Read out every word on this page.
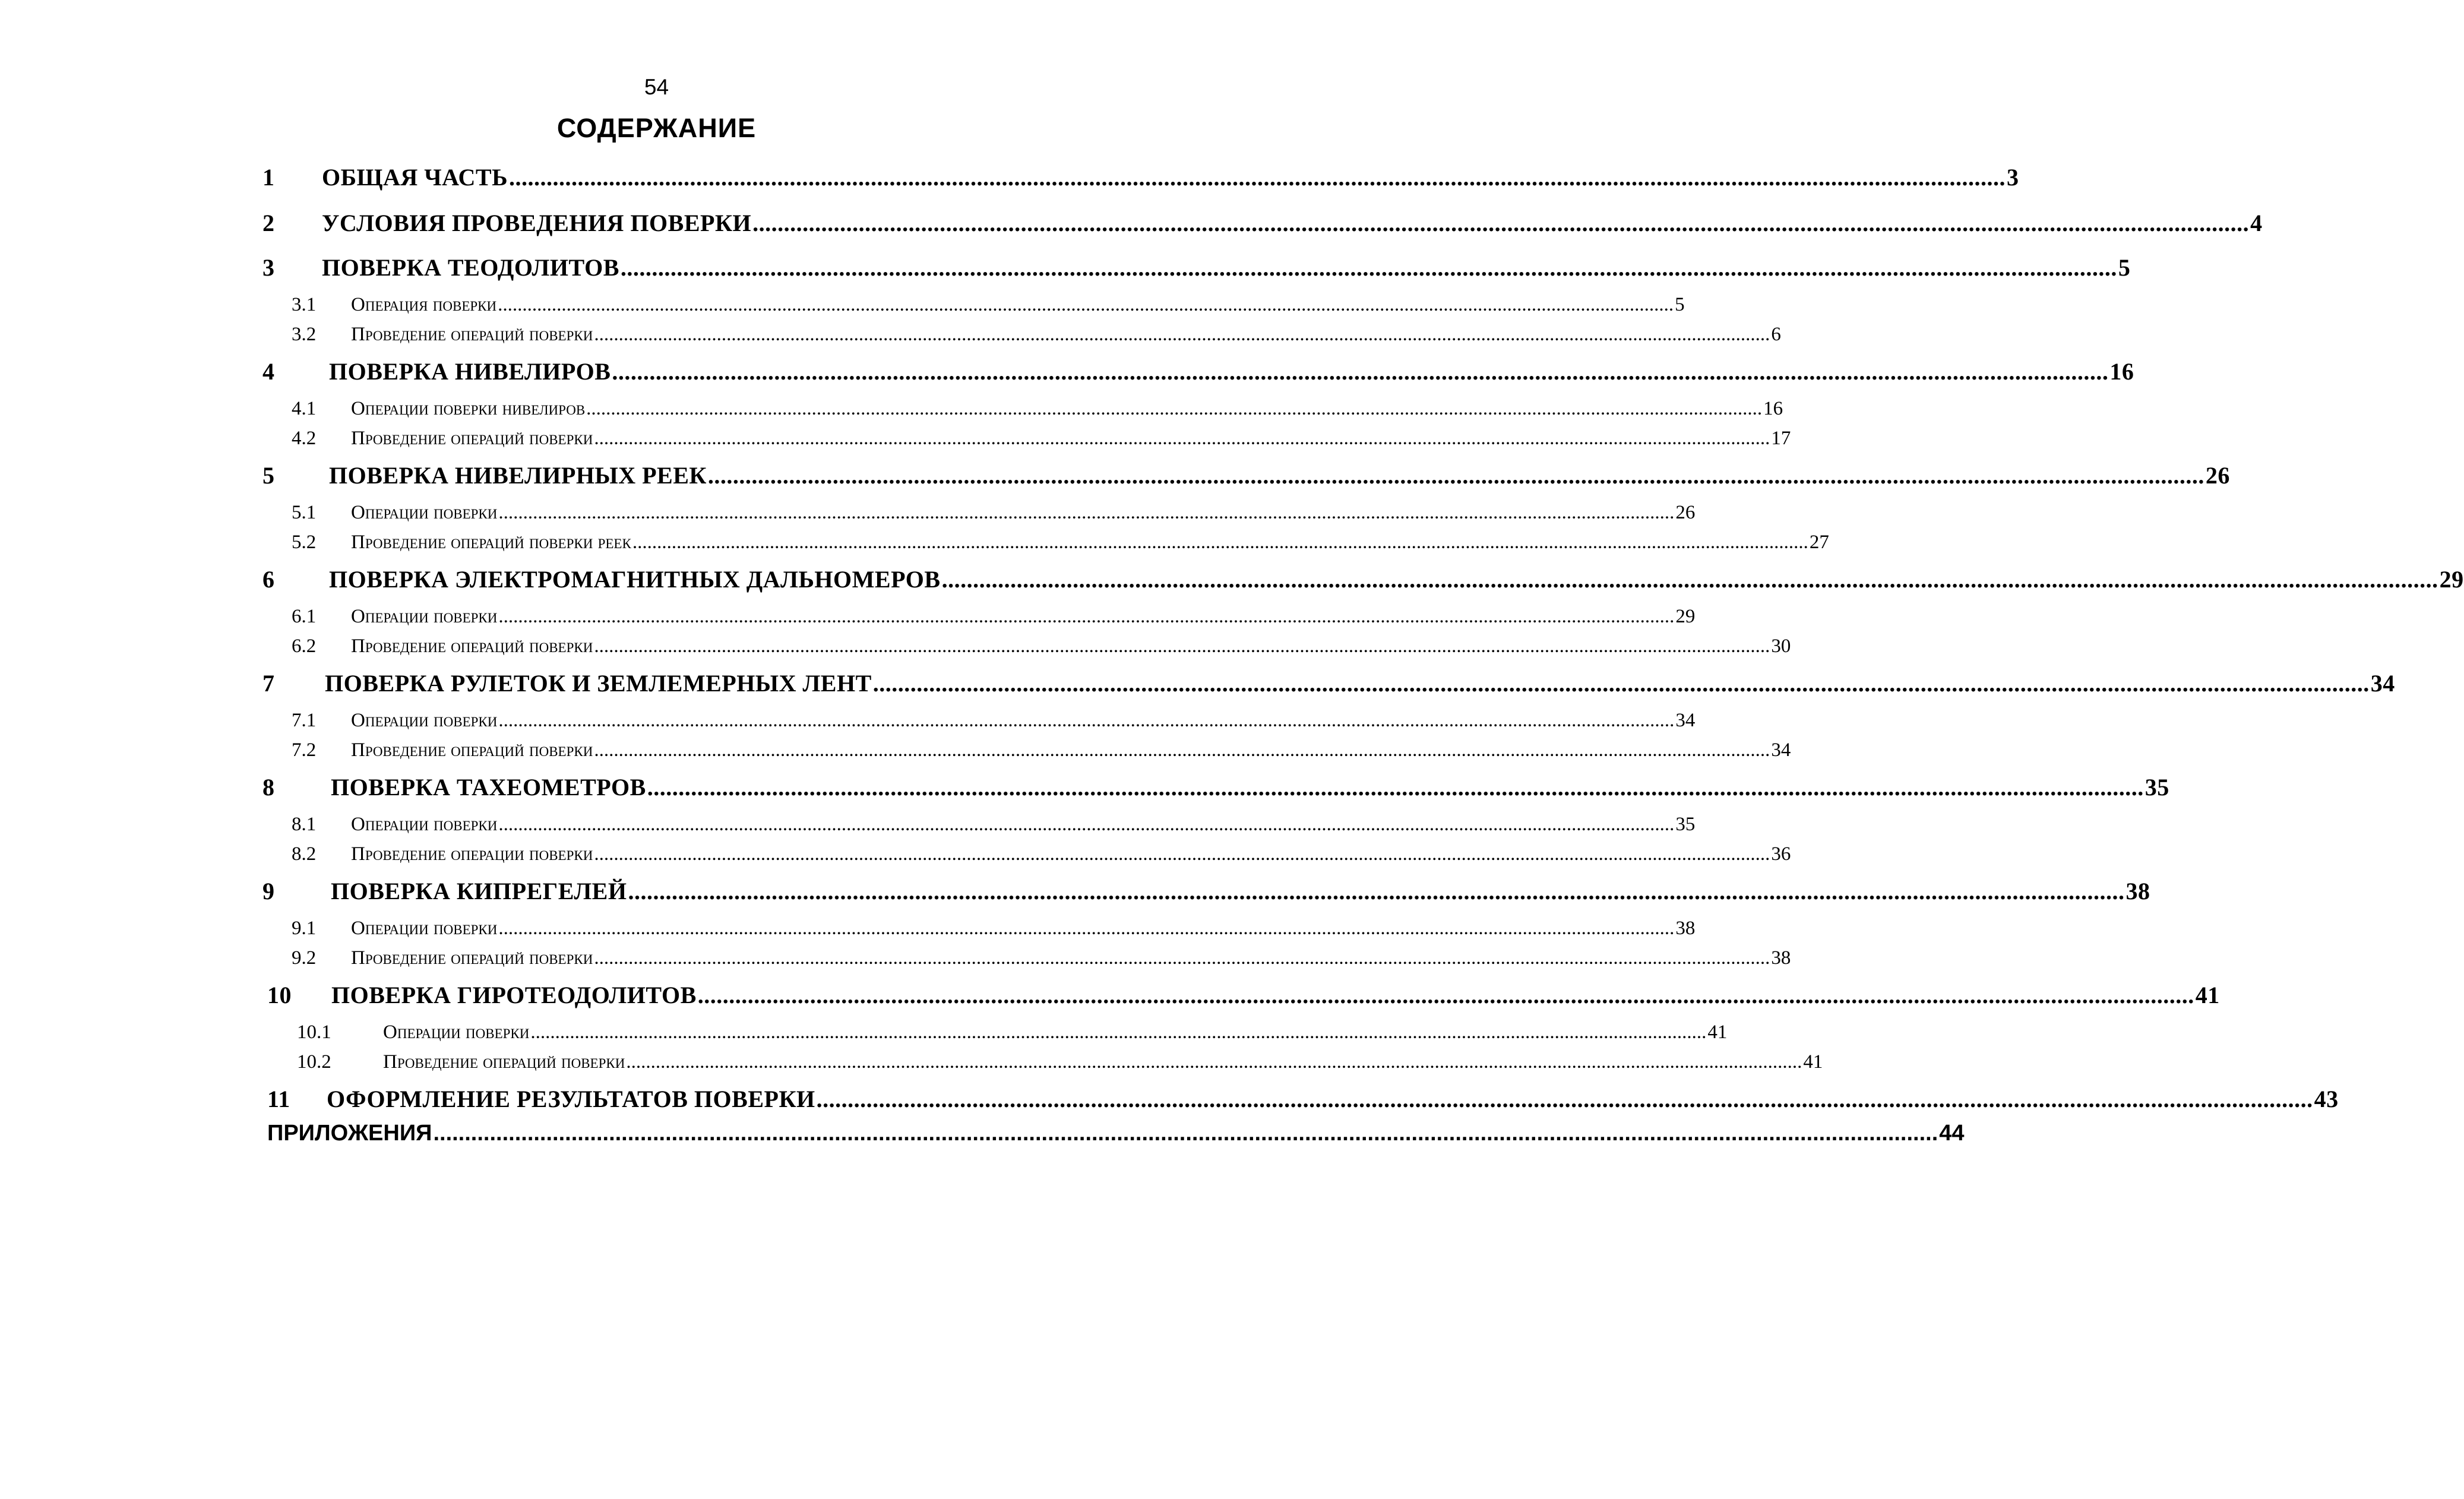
54
СОДЕРЖАНИЕ
1 ОБЩАЯ ЧАСТЬ ................................................................................................................................................................................................................................................ 3
2 УСЛОВИЯ ПРОВЕДЕНИЯ ПОВЕРКИ ................................................................................................................................................................................................................................................ 4
3 ПОВЕРКА ТЕОДОЛИТОВ ................................................................................................................................................................................................................................................ 5
3.1 Операция поверки ................................................................................................................................................................................................................................................ 5
3.2 Проведение операций поверки ................................................................................................................................................................................................................................................ 6
4 ПОВЕРКА НИВЕЛИРОВ ................................................................................................................................................................................................................................................ 16
4.1 Операции поверки нивелиров ................................................................................................................................................................................................................................................ 16
4.2 Проведение операций поверки ................................................................................................................................................................................................................................................ 17
5 ПОВЕРКА НИВЕЛИРНЫХ РЕЕК ................................................................................................................................................................................................................................................ 26
5.1 Операции поверки ................................................................................................................................................................................................................................................ 26
5.2 Проведение операций поверки реек ................................................................................................................................................................................................................................................ 27
6 ПОВЕРКА ЭЛЕКТРОМАГНИТНЫХ ДАЛЬНОМЕРОВ ................................................................................................................................................................................................................................................ 29
6.1 Операции поверки ................................................................................................................................................................................................................................................ 29
6.2 Проведение операций поверки ................................................................................................................................................................................................................................................ 30
7 ПОВЕРКА РУЛЕТОК И ЗЕМЛЕМЕРНЫХ ЛЕНТ ................................................................................................................................................................................................................................................ 34
7.1 Операции поверки ................................................................................................................................................................................................................................................ 34
7.2 Проведение операций поверки ................................................................................................................................................................................................................................................ 34
8 ПОВЕРКА ТАХЕОМЕТРОВ ................................................................................................................................................................................................................................................ 35
8.1 Операции поверки ................................................................................................................................................................................................................................................ 35
8.2 Проведение операции поверки ................................................................................................................................................................................................................................................ 36
9 ПОВЕРКА КИПРЕГЕЛЕЙ ................................................................................................................................................................................................................................................ 38
9.1 Операции поверки ................................................................................................................................................................................................................................................ 38
9.2 Проведение операций поверки ................................................................................................................................................................................................................................................ 38
10 ПОВЕРКА ГИРОТЕОДОЛИТОВ ................................................................................................................................................................................................................................................ 41
10.1	Операции поверки ................................................................................................................................................................................................................................................ 41
10.2	Проведение операций поверки ................................................................................................................................................................................................................................................ 41
11 ОФОРМЛЕНИЕ РЕЗУЛЬТАТОВ ПОВЕРКИ ................................................................................................................................................................................................................................................ 43
ПРИЛОЖЕНИЯ ................................................................................................................................................................................................................................................ 44
